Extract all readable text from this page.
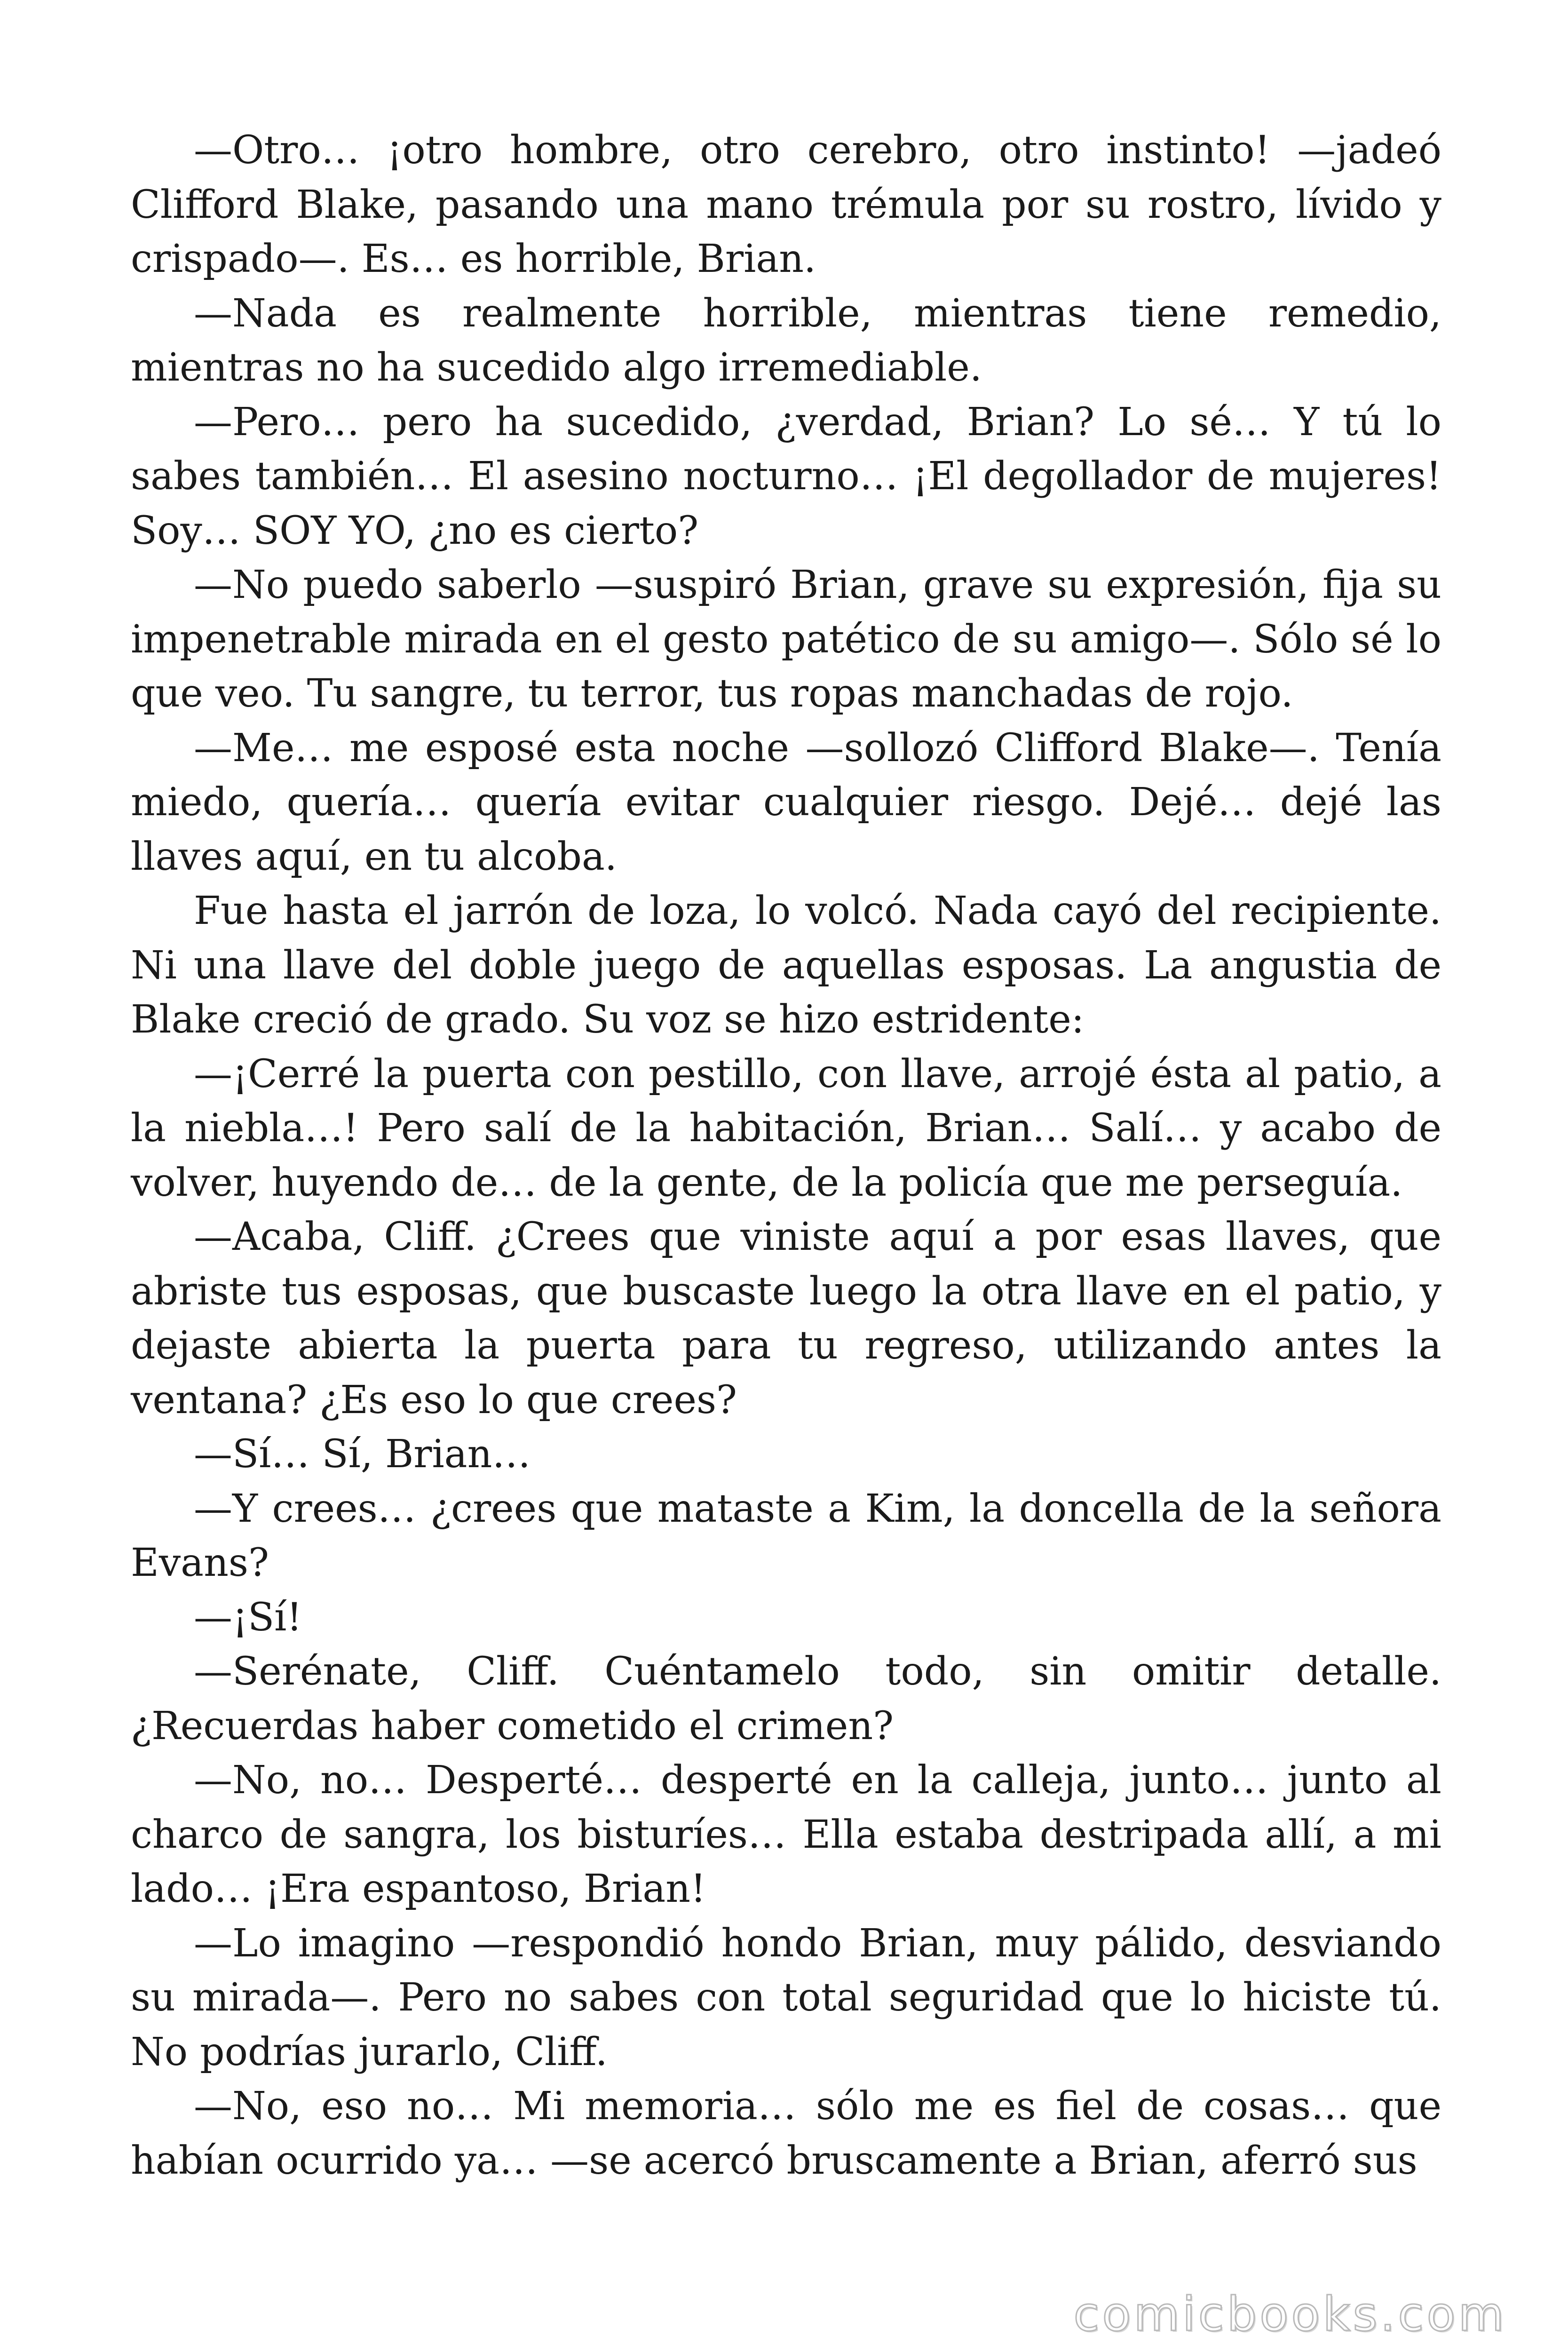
—Otro… ¡otro hombre, otro cerebro, otro instinto! —jadeó Clifford Blake, pasando una mano trémula por su rostro, lívido y crispado—. Es… es horrible, Brian.

—Nada es realmente horrible, mientras tiene remedio, mientras no ha sucedido algo irremediable.

—Pero… pero ha sucedido, ¿verdad, Brian? Lo sé… Y tú lo sabes también… El asesino nocturno… ¡El degollador de mujeres! Soy… SOY YO, ¿no es cierto?

—No puedo saberlo —suspiró Brian, grave su expresión, fija su impenetrable mirada en el gesto patético de su amigo—. Sólo sé lo que veo. Tu sangre, tu terror, tus ropas manchadas de rojo.

—Me… me esposé esta noche —sollozó Clifford Blake—. Tenía miedo, quería… quería evitar cualquier riesgo. Dejé… dejé las llaves aquí, en tu alcoba.

Fue hasta el jarrón de loza, lo volcó. Nada cayó del recipiente. Ni una llave del doble juego de aquellas esposas. La angustia de Blake creció de grado. Su voz se hizo estridente:

—¡Cerré la puerta con pestillo, con llave, arrojé ésta al patio, a la niebla…! Pero salí de la habitación, Brian… Salí… y acabo de volver, huyendo de… de la gente, de la policía que me perseguía.

—Acaba, Cliff. ¿Crees que viniste aquí a por esas llaves, que abriste tus esposas, que buscaste luego la otra llave en el patio, y dejaste abierta la puerta para tu regreso, utilizando antes la ventana? ¿Es eso lo que crees?

—Sí… Sí, Brian…

—Y crees… ¿crees que mataste a Kim, la doncella de la señora Evans?

—¡Sí!

—Serénate, Cliff. Cuéntamelo todo, sin omitir detalle. ¿Recuerdas haber cometido el crimen?

—No, no… Desperté… desperté en la calleja, junto… junto al charco de sangra, los bisturíes… Ella estaba destripada allí, a mi lado… ¡Era espantoso, Brian!

—Lo imagino —respondió hondo Brian, muy pálido, desviando su mirada—. Pero no sabes con total seguridad que lo hiciste tú. No podrías jurarlo, Cliff.

—No, eso no… Mi memoria… sólo me es fiel de cosas… que habían ocurrido ya… —se acercó bruscamente a Brian, aferró sus

comicbooks.com
